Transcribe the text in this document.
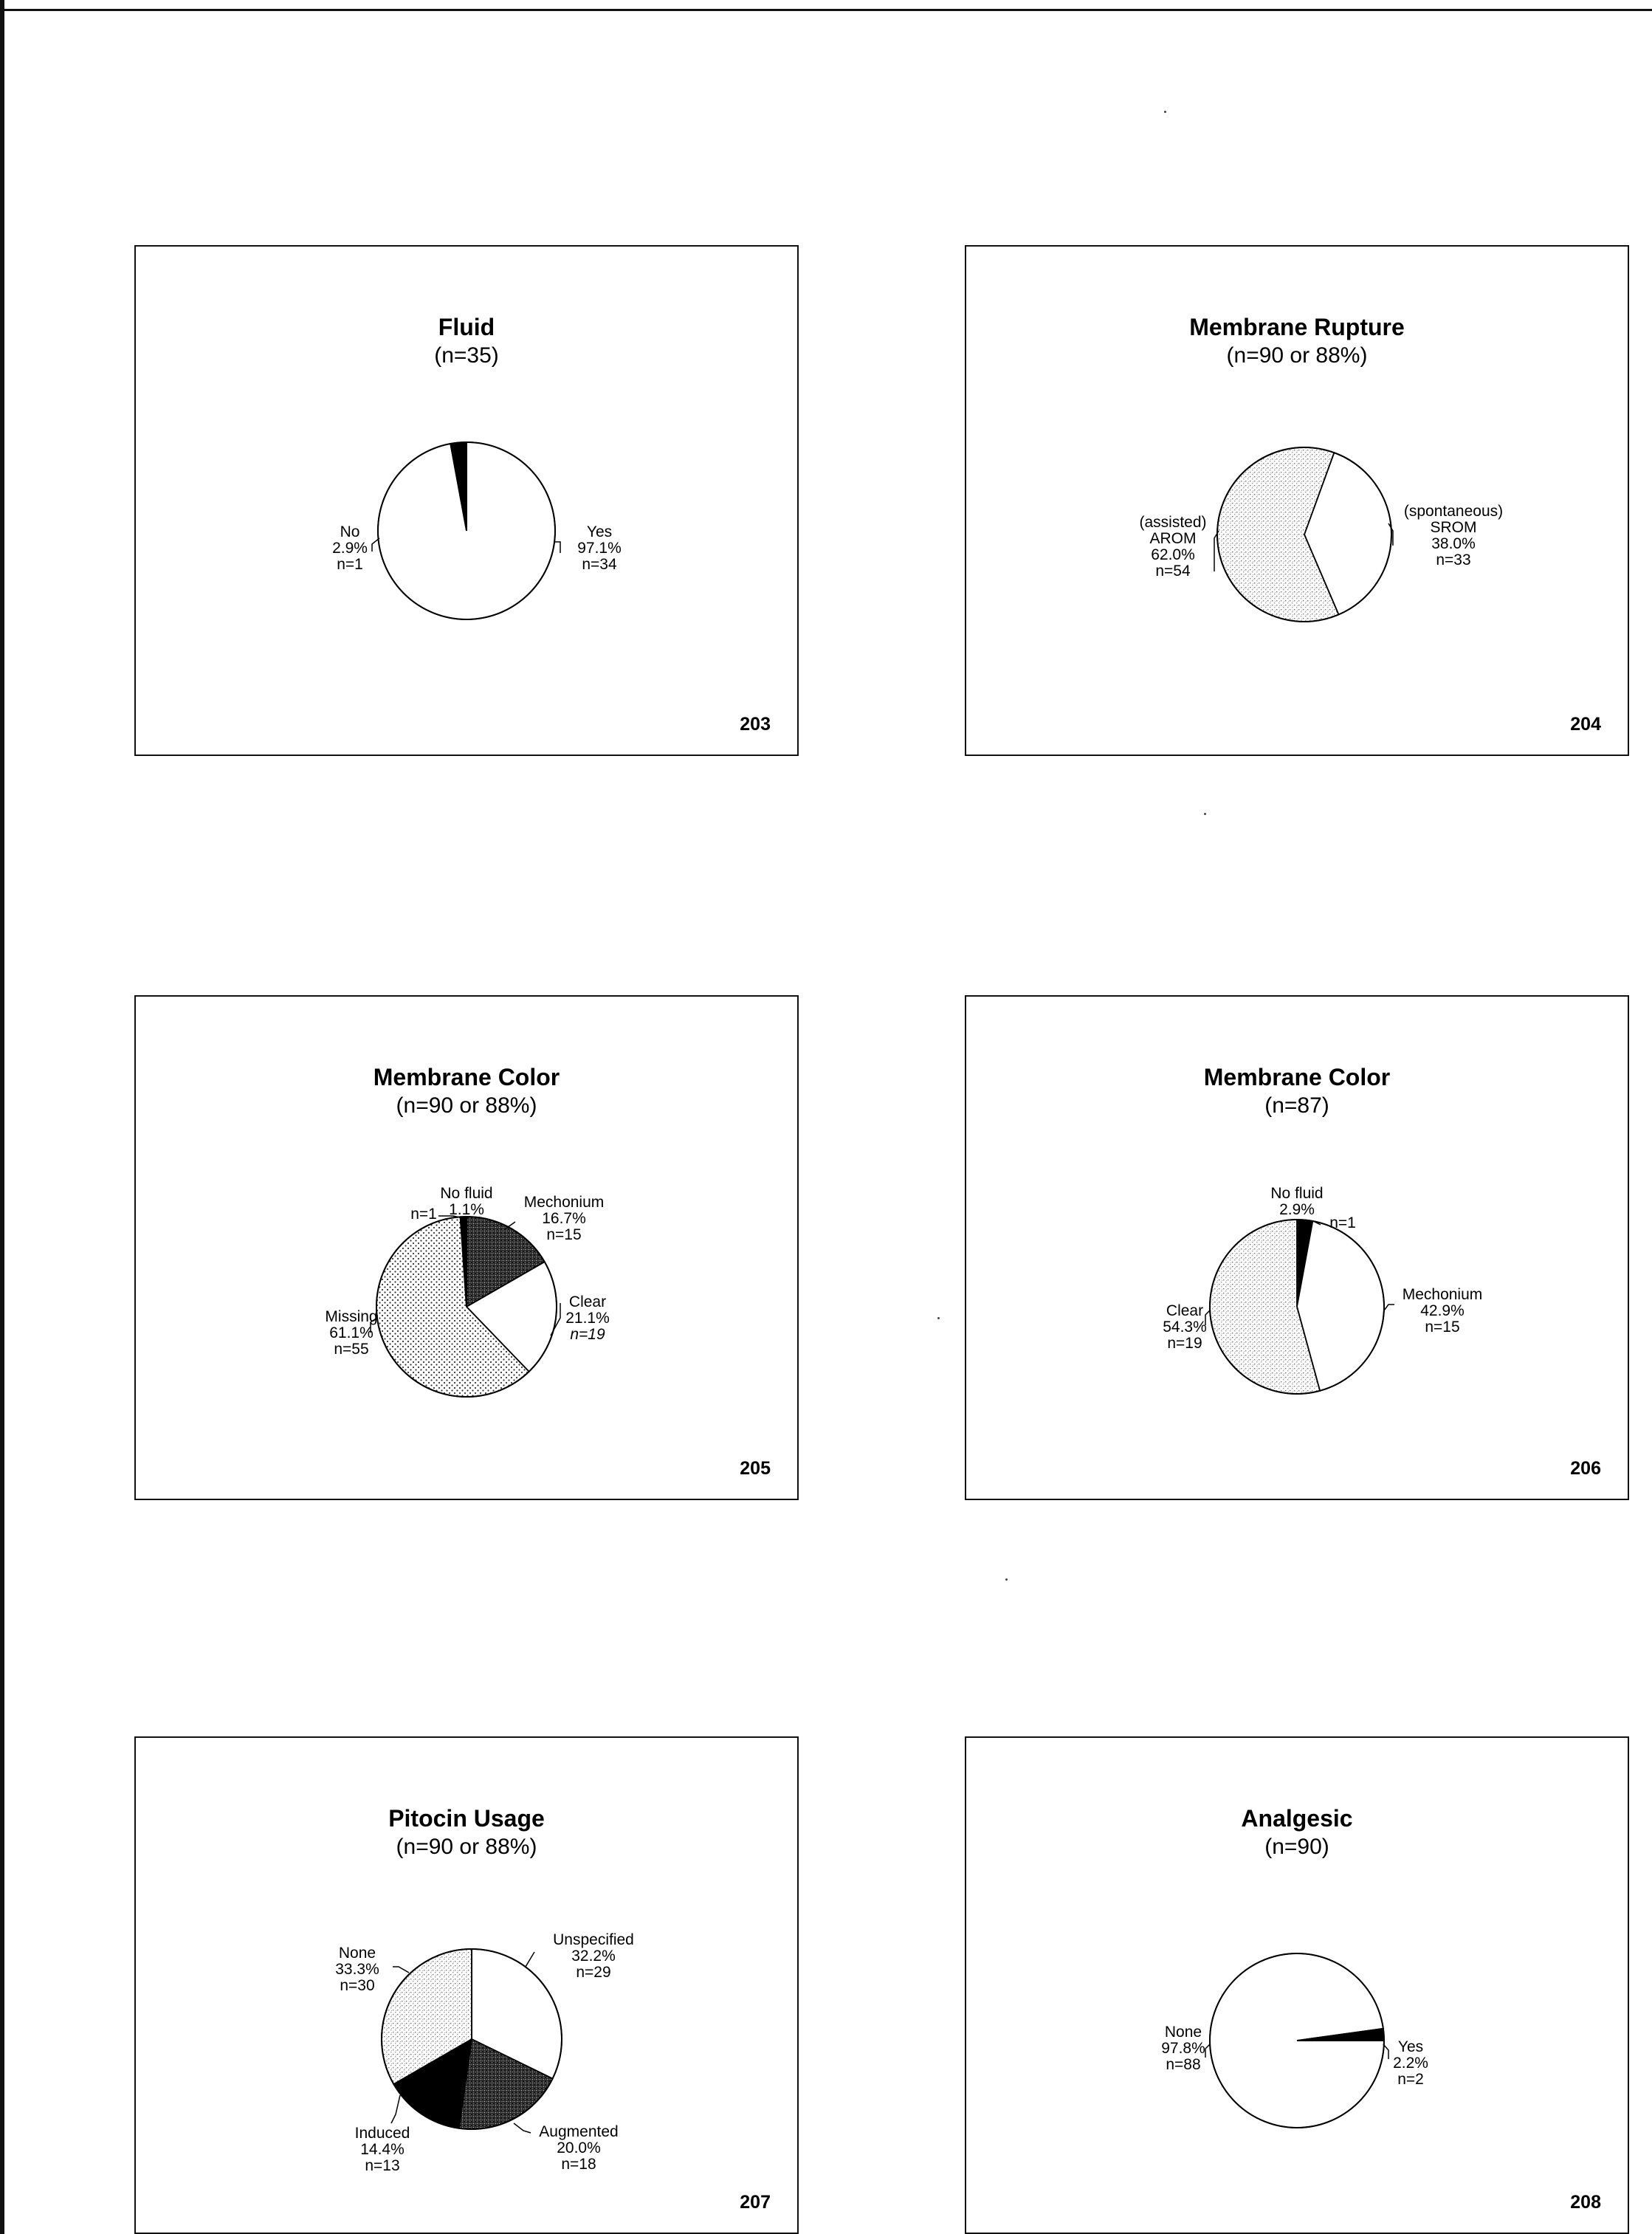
Fluid
(n=35)
Yes
97.1%
n=34
No
2.9%
n=1
203
Membrane Rupture
(n=90 or 88%)
(spontaneous)
SROM
38.0%
n=33
(assisted)
AROM
62.0%
n=54
204
Membrane Color
(n=90 or 88%)
No fluid
1.1%
n=1
Mechonium
16.7%
n=15
Clear
21.1%
n=19
Missing
61.1%
n=55
205
Membrane Color
(n=87)
No fluid
2.9%
n=1
Mechonium
42.9%
n=15
Clear
54.3%
n=19
206
Pitocin Usage
(n=90 or 88%)
Unspecified
32.2%
n=29
Augmented
20.0%
n=18
Induced
14.4%
n=13
None
33.3%
n=30
207
Analgesic
(n=90)
Yes
2.2%
n=2
None
97.8%
n=88
208
